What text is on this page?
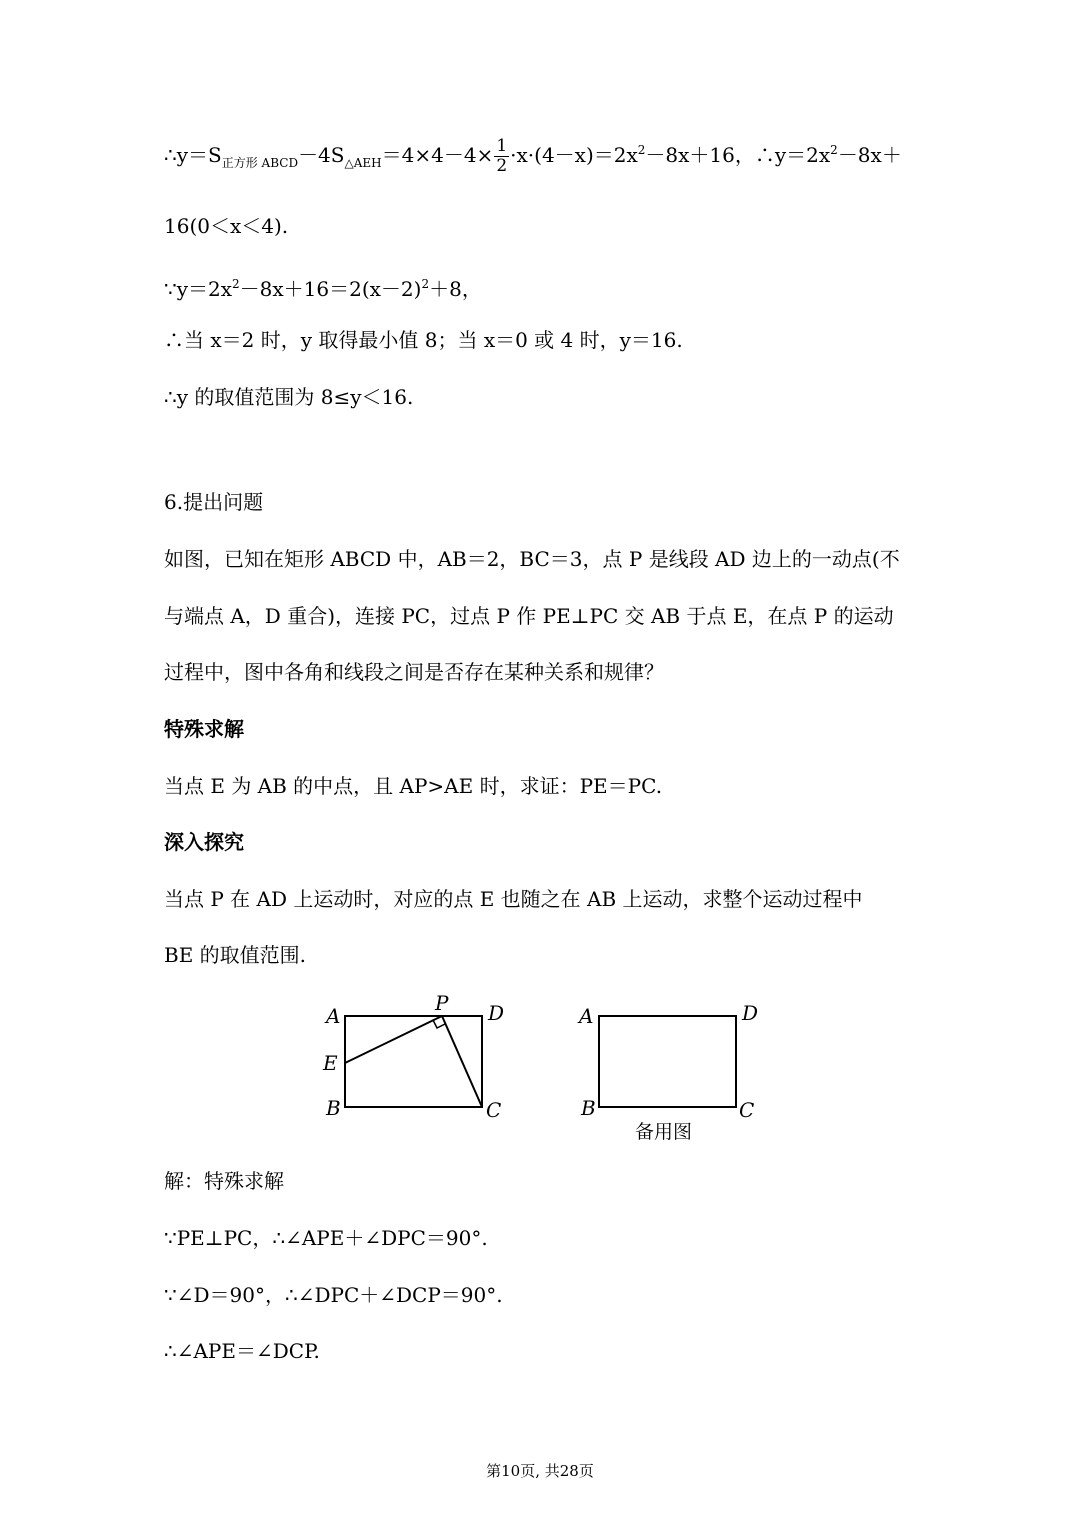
$\therefore y=S_{正方形 ABCD}-4S_{\triangle AEH}=4\times 4-4\times \frac{1}{2} \cdot x\cdot(4-x)=2x^2-8x+16$，$\therefore y=2x^2-8x+$
16(0＜x＜4).
$\because y=2x^2-8x+16=2(x-2)^2+8$，
∴当 x＝2 时，y 取得最小值 8；当 x＝0 或 4 时，y＝16.
∴y 的取值范围为 8≤y＜16.
6.提出问题
如图，已知在矩形 ABCD 中，AB＝2，BC＝3，点 P 是线段 AD 边上的一动点(不
与端点 A，D 重合)，连接 PC，过点 P 作 PE⊥PC 交 AB 于点 E，在点 P 的运动
过程中，图中各角和线段之间是否存在某种关系和规律？
特殊求解
当点 E 为 AB 的中点，且 AP>AE 时，求证：PE＝PC.
深入探究
当点 P 在 AD 上运动时，对应的点 E 也随之在 AB 上运动，求整个运动过程中
BE 的取值范围.
A	D
P
E
B	C
A	D
B	C
备用图
解：特殊求解
∵PE⊥PC，∴∠APE＋∠DPC＝90°.
∵∠D＝90°，∴∠DPC＋∠DCP＝90°.
∴∠APE＝∠DCP.
第10页, 共28页
